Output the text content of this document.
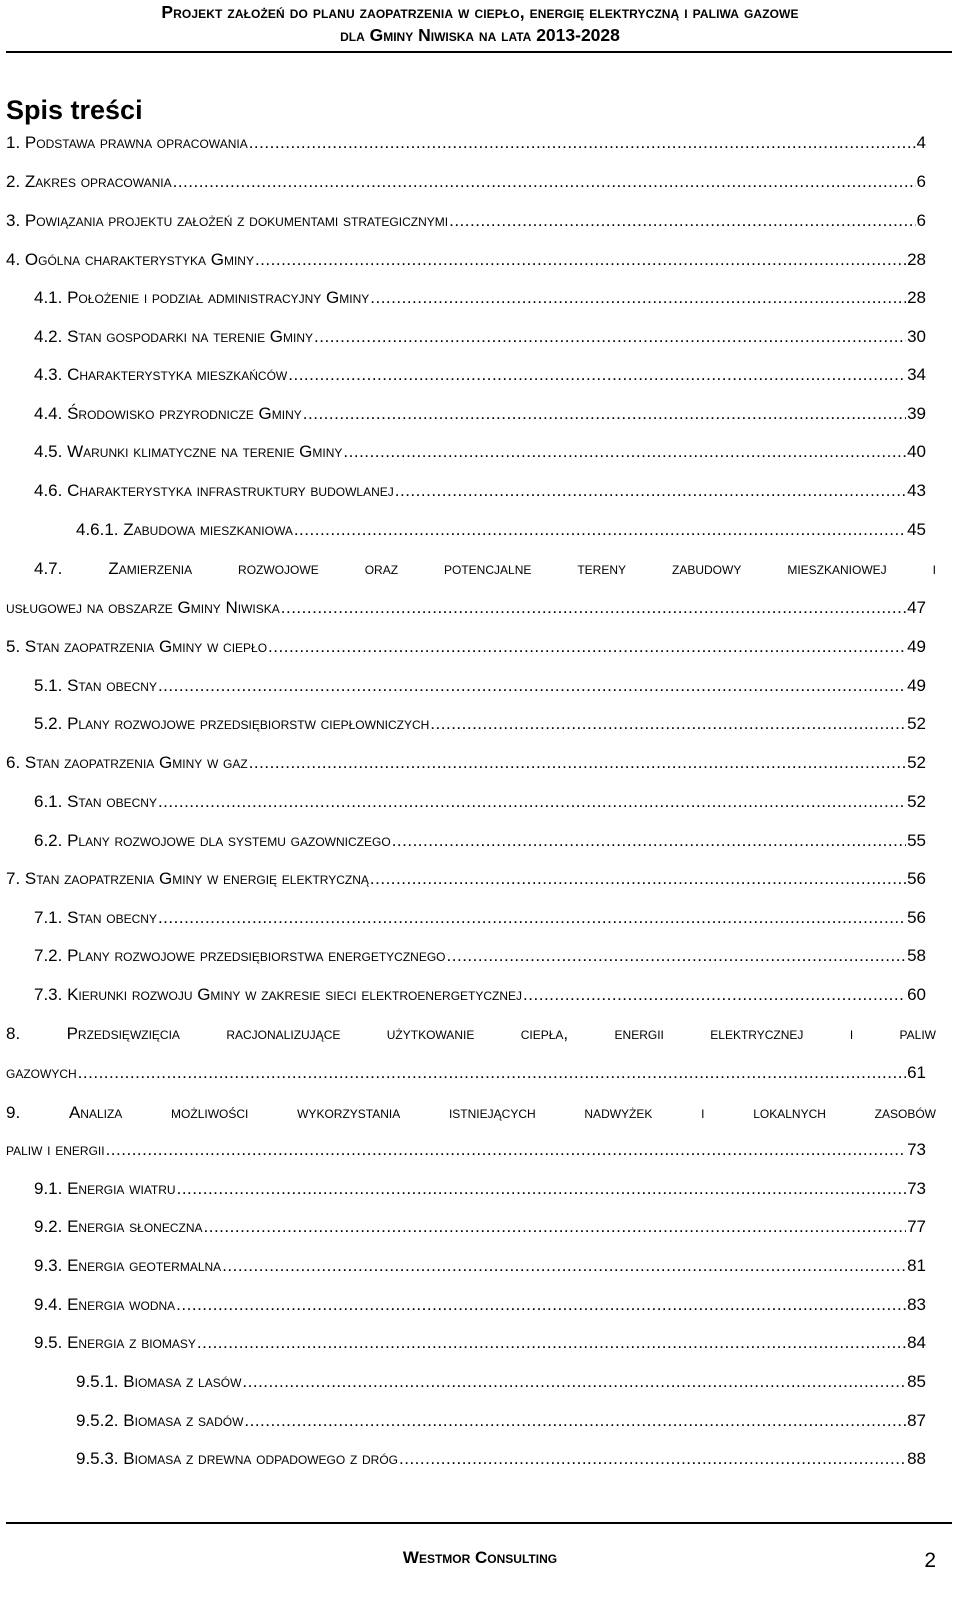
Projekt założeń do planu zaopatrzenia w ciepło, energię elektryczną i paliwa gazowe
dla Gminy Niwiska na lata 2013-2028
Spis treści
1. Podstawa prawna opracowania .....	4
2. Zakres opracowania .....	6
3. Powiązania projektu założeń z dokumentami strategicznymi .....	6
4. Ogólna charakterystyka Gminy .....	28
4.1. Położenie i podział administracyjny Gminy .....	28
4.2. Stan gospodarki na terenie Gminy .....	30
4.3. Charakterystyka mieszkańców .....	34
4.4. Środowisko przyrodnicze Gminy .....	39
4.5. Warunki klimatyczne na terenie Gminy .....	40
4.6. Charakterystyka infrastruktury budowlanej .....	43
4.6.1. Zabudowa mieszkaniowa .....	45
4.7. Zamierzenia rozwojowe oraz potencjalne tereny zabudowy mieszkaniowej i
usługowej na obszarze Gminy Niwiska .....	47
5. Stan zaopatrzenia Gminy w ciepło .....	49
5.1. Stan obecny .....	49
5.2. Plany rozwojowe przedsiębiorstw ciepłowniczych .....	52
6. Stan zaopatrzenia Gminy w gaz .....	52
6.1. Stan obecny .....	52
6.2. Plany rozwojowe dla systemu gazowniczego .....	55
7. Stan zaopatrzenia Gminy w energię elektryczną .....	56
7.1. Stan obecny .....	56
7.2. Plany rozwojowe przedsiębiorstwa energetycznego .....	58
7.3. Kierunki rozwoju Gminy w zakresie sieci elektroenergetycznej .....	60
8. Przedsięwzięcia racjonalizujące użytkowanie ciepła, energii elektrycznej i paliw
gazowych .....	61
9. Analiza możliwości wykorzystania istniejących nadwyżek i lokalnych zasobów
paliw i energii .....	73
9.1. Energia wiatru .....	73
9.2. Energia słoneczna .....	77
9.3. Energia geotermalna .....	81
9.4. Energia wodna .....	83
9.5. Energia z biomasy .....	84
9.5.1. Biomasa z lasów .....	85
9.5.2. Biomasa z sadów .....	87
9.5.3. Biomasa z drewna odpadowego z dróg .....	88
Westmor Consulting	2
